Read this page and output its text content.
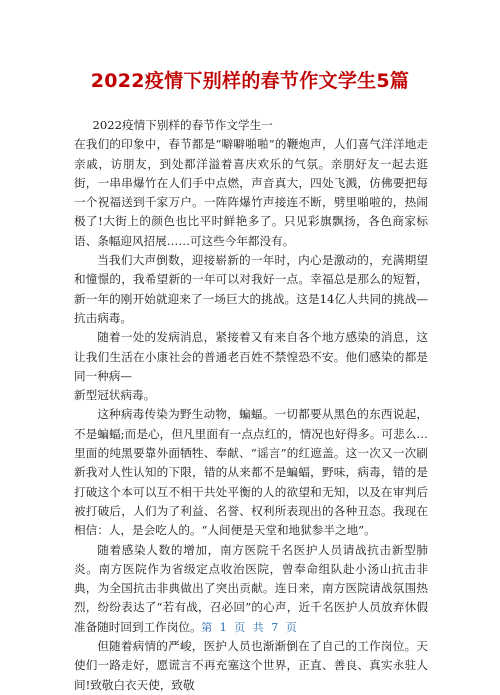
2022疫情下别样的春节作文学生5篇

2022疫情下别样的春节作文学生一

在我们的印象中，春节都是“噼噼啪啪”的鞭炮声，人们喜气洋洋地走亲戚，访朋友，到处都洋溢着喜庆欢乐的气氛。亲朋好友一起去逛街，一串串爆竹在人们手中点燃，声音真大，四处飞溅，仿佛要把每一个祝福送到千家万户。一阵阵爆竹声接连不断，劈里啪啦的，热闹极了!大街上的颜色也比平时鲜艳多了。只见彩旗飘扬，各色商家标语、条幅迎风招展……可这些今年都没有。

当我们大声倒数，迎接崭新的一年时，内心是激动的，充满期望和憧憬的，我希望新的一年可以对我好一点。幸福总是那么的短暂，新一年的刚开始就迎来了一场巨大的挑战。这是14亿人共同的挑战—抗击病毒。

随着一处的发病消息，紧接着又有来自各个地方感染的消息，这让我们生活在小康社会的普通老百姓不禁惶恐不安。他们感染的都是同一种病—

新型冠状病毒。

这种病毒传染为野生动物，蝙蝠。一切都要从黑色的东西说起，不是蝙蝠;而是心，但凡里面有一点点红的，情况也好得多。可悲么…里面的纯黑要靠外面牺牲、奉献、“谣言”的红遮盖。这一次又一次刷新我对人性认知的下限，错的从来都不是蝙蝠，野味，病毒，错的是打破这个本可以互不相干共处平衡的人的欲望和无知，以及在审判后被打破后，人们为了利益、名誉、权利所表现出的各种丑态。我现在相信：人，是会吃人的。“人间便是天堂和地狱参半之地”。

随着感染人数的增加，南方医院千名医护人员请战抗击新型肺炎。南方医院作为省级定点收治医院，曾奉命组队赴小汤山抗击非典，为全国抗击非典做出了突出贡献。连日来，南方医院请战氛围热烈，纷纷表达了“若有战，召必回”的心声，近千名医护人员放弃休假准备随时回到工作岗位。

但随着病情的严峻，医护人员也渐渐倒在了自己的工作岗位。天使们一路走好，愿谎言不再充塞这个世界，正直、善良、真实永驻人间!致敬白衣天使，致敬

第 1 页 共 7 页
